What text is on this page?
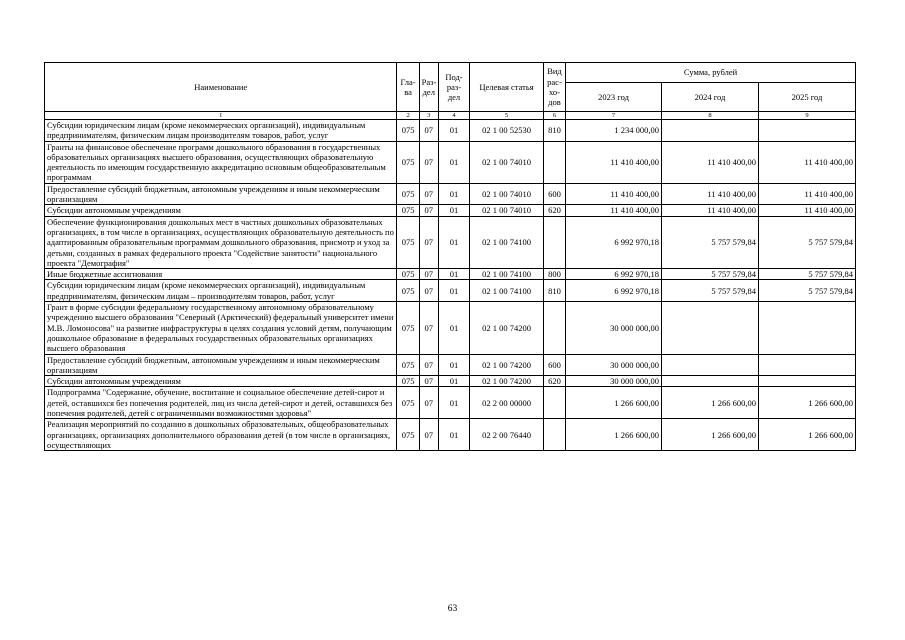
Наименование	Гла-ва	Раз-дел	Под-раз-дел	Целевая статья	Вид рас-хо-дов	Сумма, рублей		
						2023 год	2024 год	2025 год
1	2	3	4	5	6	7	8	9
Субсидии юридическим лицам (кроме некоммерческих организаций), индивидуальным предпринимателям, физическим лицам производителям товаров, работ, услуг	075	07	01	02 1 00 52530	810	1 234 000,00		
Гранты на финансовое обеспечение программ дошкольного образования в государственных образовательных организациях высшего образования, осуществляющих образовательную деятельность по имеющим государственную аккредитацию основным общеобразовательным программам	075	07	01	02 1 00 74010		11 410 400,00	11 410 400,00	11 410 400,00
Предоставление субсидий бюджетным, автономным учреждениям и иным некоммерческим организациям	075	07	01	02 1 00 74010	600	11 410 400,00	11 410 400,00	11 410 400,00
Субсидии автономным учреждениям	075	07	01	02 1 00 74010	620	11 410 400,00	11 410 400,00	11 410 400,00
Обеспечение функционирования дошкольных мест в частных дошкольных образовательных организациях, в том числе в организациях, осуществляющих образовательную деятельность по адаптированным образовательным программам дошкольного образования, присмотр и уход за детьми, созданных в рамках федерального проекта "Содействие занятости" национального проекта "Демография"	075	07	01	02 1 00 74100		6 992 970,18	5 757 579,84	5 757 579,84
Иные бюджетные ассигнования	075	07	01	02 1 00 74100	800	6 992 970,18	5 757 579,84	5 757 579,84
Субсидии юридическим лицам (кроме некоммерческих организаций), индивидуальным предпринимателям, физическим лицам – производителям товаров, работ, услуг	075	07	01	02 1 00 74100	810	6 992 970,18	5 757 579,84	5 757 579,84
Грант в форме субсидии федеральному государственному автономному образовательному учреждению высшего образования "Северный (Арктический) федеральный университет имени М.В. Ломоносова" на развитие инфраструктуры в целях создания условий детям, получающим дошкольное образование в федеральных государственных образовательных организациях высшего образования	075	07	01	02 1 00 74200		30 000 000,00		
Предоставление субсидий бюджетным, автономным учреждениям и иным некоммерческим организациям	075	07	01	02 1 00 74200	600	30 000 000,00		
Субсидии автономным учреждениям	075	07	01	02 1 00 74200	620	30 000 000,00		
Подпрограмма "Содержание, обучение, воспитание и социальное обеспечение детей-сирот и детей, оставшихся без попечения родителей, лиц из числа детей-сирот и детей, оставшихся без попечения родителей, детей с ограниченными возможностями здоровья"	075	07	01	02 2 00 00000		1 266 600,00	1 266 600,00	1 266 600,00
Реализация мероприятий по созданию в дошкольных образовательных, общеобразовательных организациях, организациях дополнительного образования детей (в том числе в организациях, осуществляющих	075	07	01	02 2 00 76440		1 266 600,00	1 266 600,00	1 266 600,00
63
